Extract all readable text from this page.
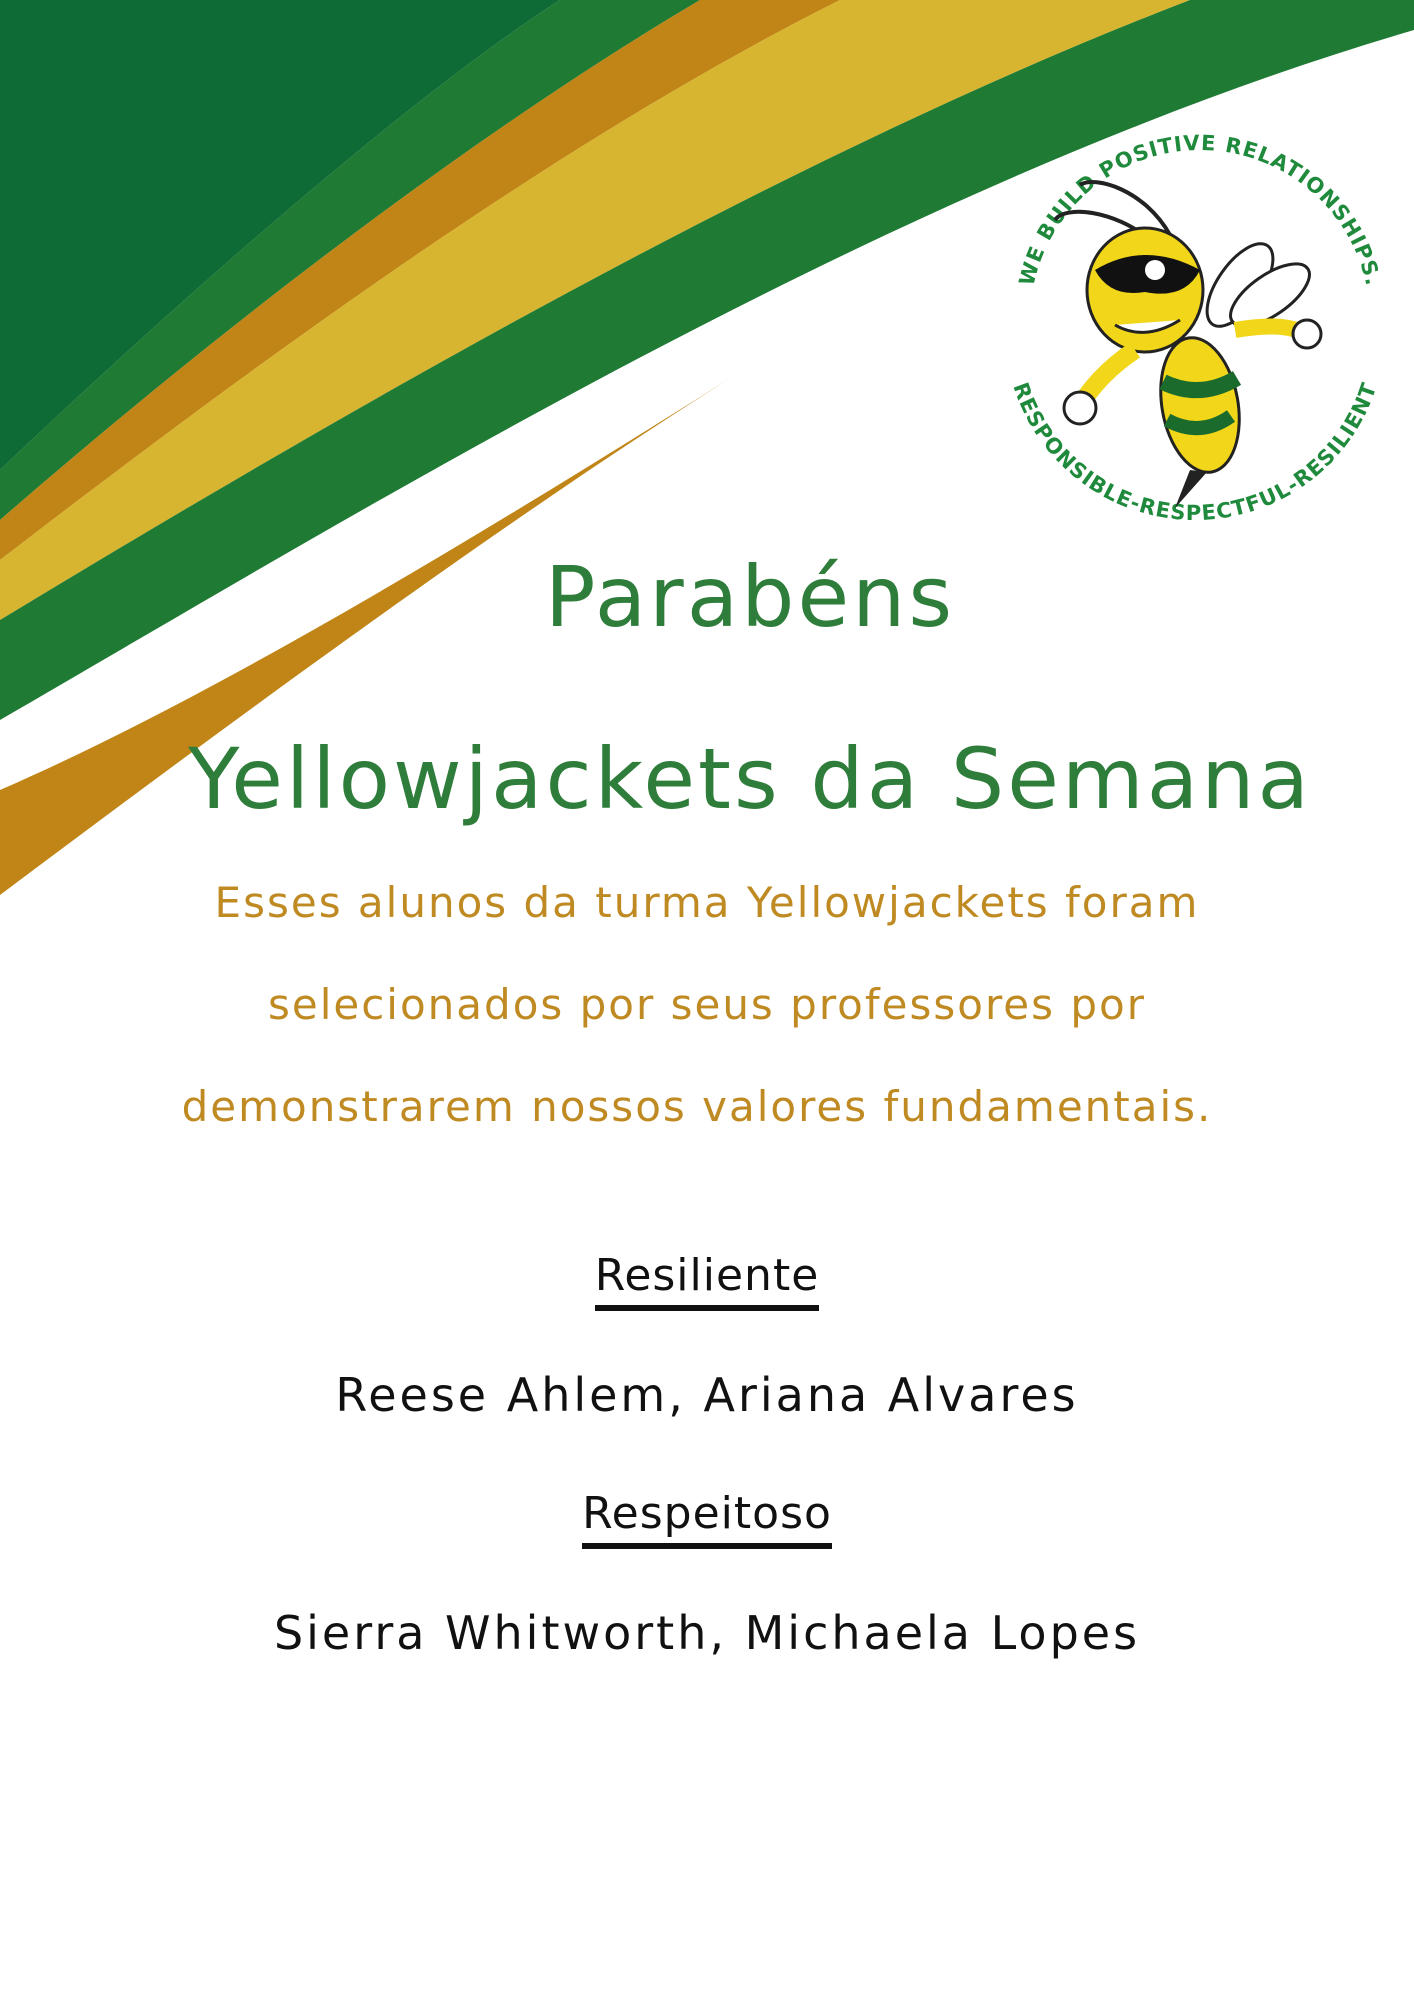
WE BUILD POSITIVE RELATIONSHIPS.
RESPONSIBLE-RESPECTFUL-RESILIENT
Parabéns
Yellowjackets da Semana
Esses alunos da turma Yellowjackets foram
selecionados por seus professores por
demonstrarem nossos valores fundamentais.
Resiliente
Reese Ahlem, Ariana Alvares
Respeitoso
Sierra Whitworth, Michaela Lopes
